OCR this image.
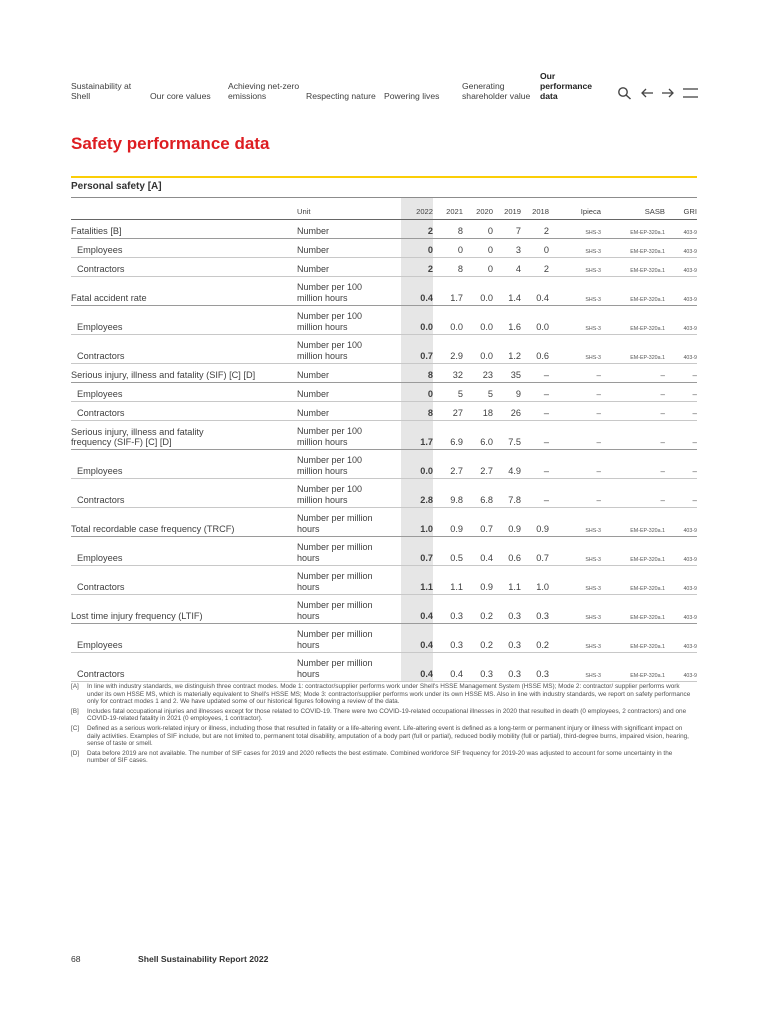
Sustainability at
Shell	Our core values
Achieving net-zero
emissions	Respecting nature Powering lives
Generating
shareholder value
Our
performance
data
Safety performance data
Personal safety [A]
	Unit	2022	2021	2020	2019	2018	Ipieca	SASB	GRI
Fatalities [B]	Number	2	8	0	7	2	SHS-3	EM-EP-320a.1	403-9
Employees	Number	0	0	0	3	0	SHS-3	EM-EP-320a.1	403-9
Contractors	Number	2	8	0	4	2	SHS-3	EM-EP-320a.1	403-9
Fatal accident rate	Number per 100
million hours	0.4	1.7	0.0	1.4	0.4	SHS-3	EM-EP-320a.1	403-9
Employees	Number per 100
million hours	0.0	0.0	0.0	1.6	0.0	SHS-3	EM-EP-320a.1	403-9
Contractors	Number per 100
million hours	0.7	2.9	0.0	1.2	0.6	SHS-3	EM-EP-320a.1	403-9
Serious injury, illness and fatality (SIF) [C] [D]	Number	8	32	23	35	–	–	–	–
Employees	Number	0	5	5	9	–	–	–	–
Contractors	Number	8	27	18	26	–	–	–	–
Serious injury, illness and fatality
frequency (SIF-F) [C] [D]	Number per 100
million hours	1.7	6.9	6.0	7.5	–	–	–	–
Employees	Number per 100
million hours	0.0	2.7	2.7	4.9	–	–	–	–
Contractors	Number per 100
million hours	2.8	9.8	6.8	7.8	–	–	–	–
Total recordable case frequency (TRCF)	Number per million
hours	1.0	0.9	0.7	0.9	0.9	SHS-3	EM-EP-320a.1	403-9
Employees	Number per million
hours	0.7	0.5	0.4	0.6	0.7	SHS-3	EM-EP-320a.1	403-9
Contractors	Number per million
hours	1.1	1.1	0.9	1.1	1.0	SHS-3	EM-EP-320a.1	403-9
Lost time injury frequency (LTIF)	Number per million
hours	0.4	0.3	0.2	0.3	0.3	SHS-3	EM-EP-320a.1	403-9
Employees	Number per million
hours	0.4	0.3	0.2	0.3	0.2	SHS-3	EM-EP-320a.1	403-9
Contractors	Number per million
hours	0.4	0.4	0.3	0.3	0.3	SHS-3	EM-EP-320a.1	403-9
[A] In line with industry standards, we distinguish three contract modes. Mode 1: contractor/supplier performs work under Shell's HSSE Management System (HSSE MS); Mode 2: contractor/ supplier performs work under its own HSSE MS, which is materially equivalent to Shell's HSSE MS; Mode 3: contractor/supplier performs work under its own HSSE MS. Also in line with industry standards, we report on safety performance only for contract modes 1 and 2. We have updated some of our historical figures following a review of the data.
[B] Includes fatal occupational injuries and illnesses except for those related to COVID-19. There were two COVID-19-related occupational illnesses in 2020 that resulted in death (0 employees, 2 contractors) and one COVID-19-related fatality in 2021 (0 employees, 1 contractor).
[C] Defined as a serious work-related injury or illness, including those that resulted in fatality or a life-altering event. Life-altering event is defined as a long-term or permanent injury or illness with significant impact on daily activities. Examples of SIF include, but are not limited to, permanent total disability, amputation of a body part (full or partial), reduced bodily mobility (full or partial), third-degree burns, impaired vision, hearing, sense of taste or smell.
[D] Data before 2019 are not available. The number of SIF cases for 2019 and 2020 reflects the best estimate. Combined workforce SIF frequency for 2019-20 was adjusted to account for some uncertainty in the number of SIF cases.
68	Shell Sustainability Report 2022
